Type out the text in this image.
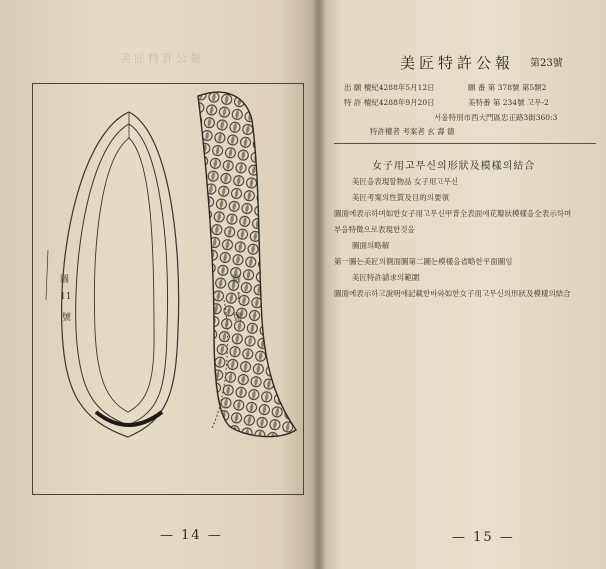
美匠特許公報
圖
11
號
圖
1
號
— 14 —
美匠特許公報 第23號
出 願 檀紀4288年5月12日	願 番 第 378號 第5類2
特 許 檀紀4288年9月20日	美特番 第 234號 고무-2
서울特別市西大門區忠正路3街360:3
特許權者 考案者 玄 壽 德
女子用고무신의形狀及模樣의結合
美匠을表現할物品 女子用고무신
美匠考案의性質及目的의要領
圖面에表示하며如한女子用고무신甲背全表面에花瓣狀模樣을全表示하며
부을特徵으로表現한것을
圖面의略解
第一圖는美匠의側面圖第二圖는模樣을省略한平面圖임
美匠特許請求의範圍
圖面에表示하고說明에記載한바와如한女子用고무신의形狀及模樣의結合
— 15 —
